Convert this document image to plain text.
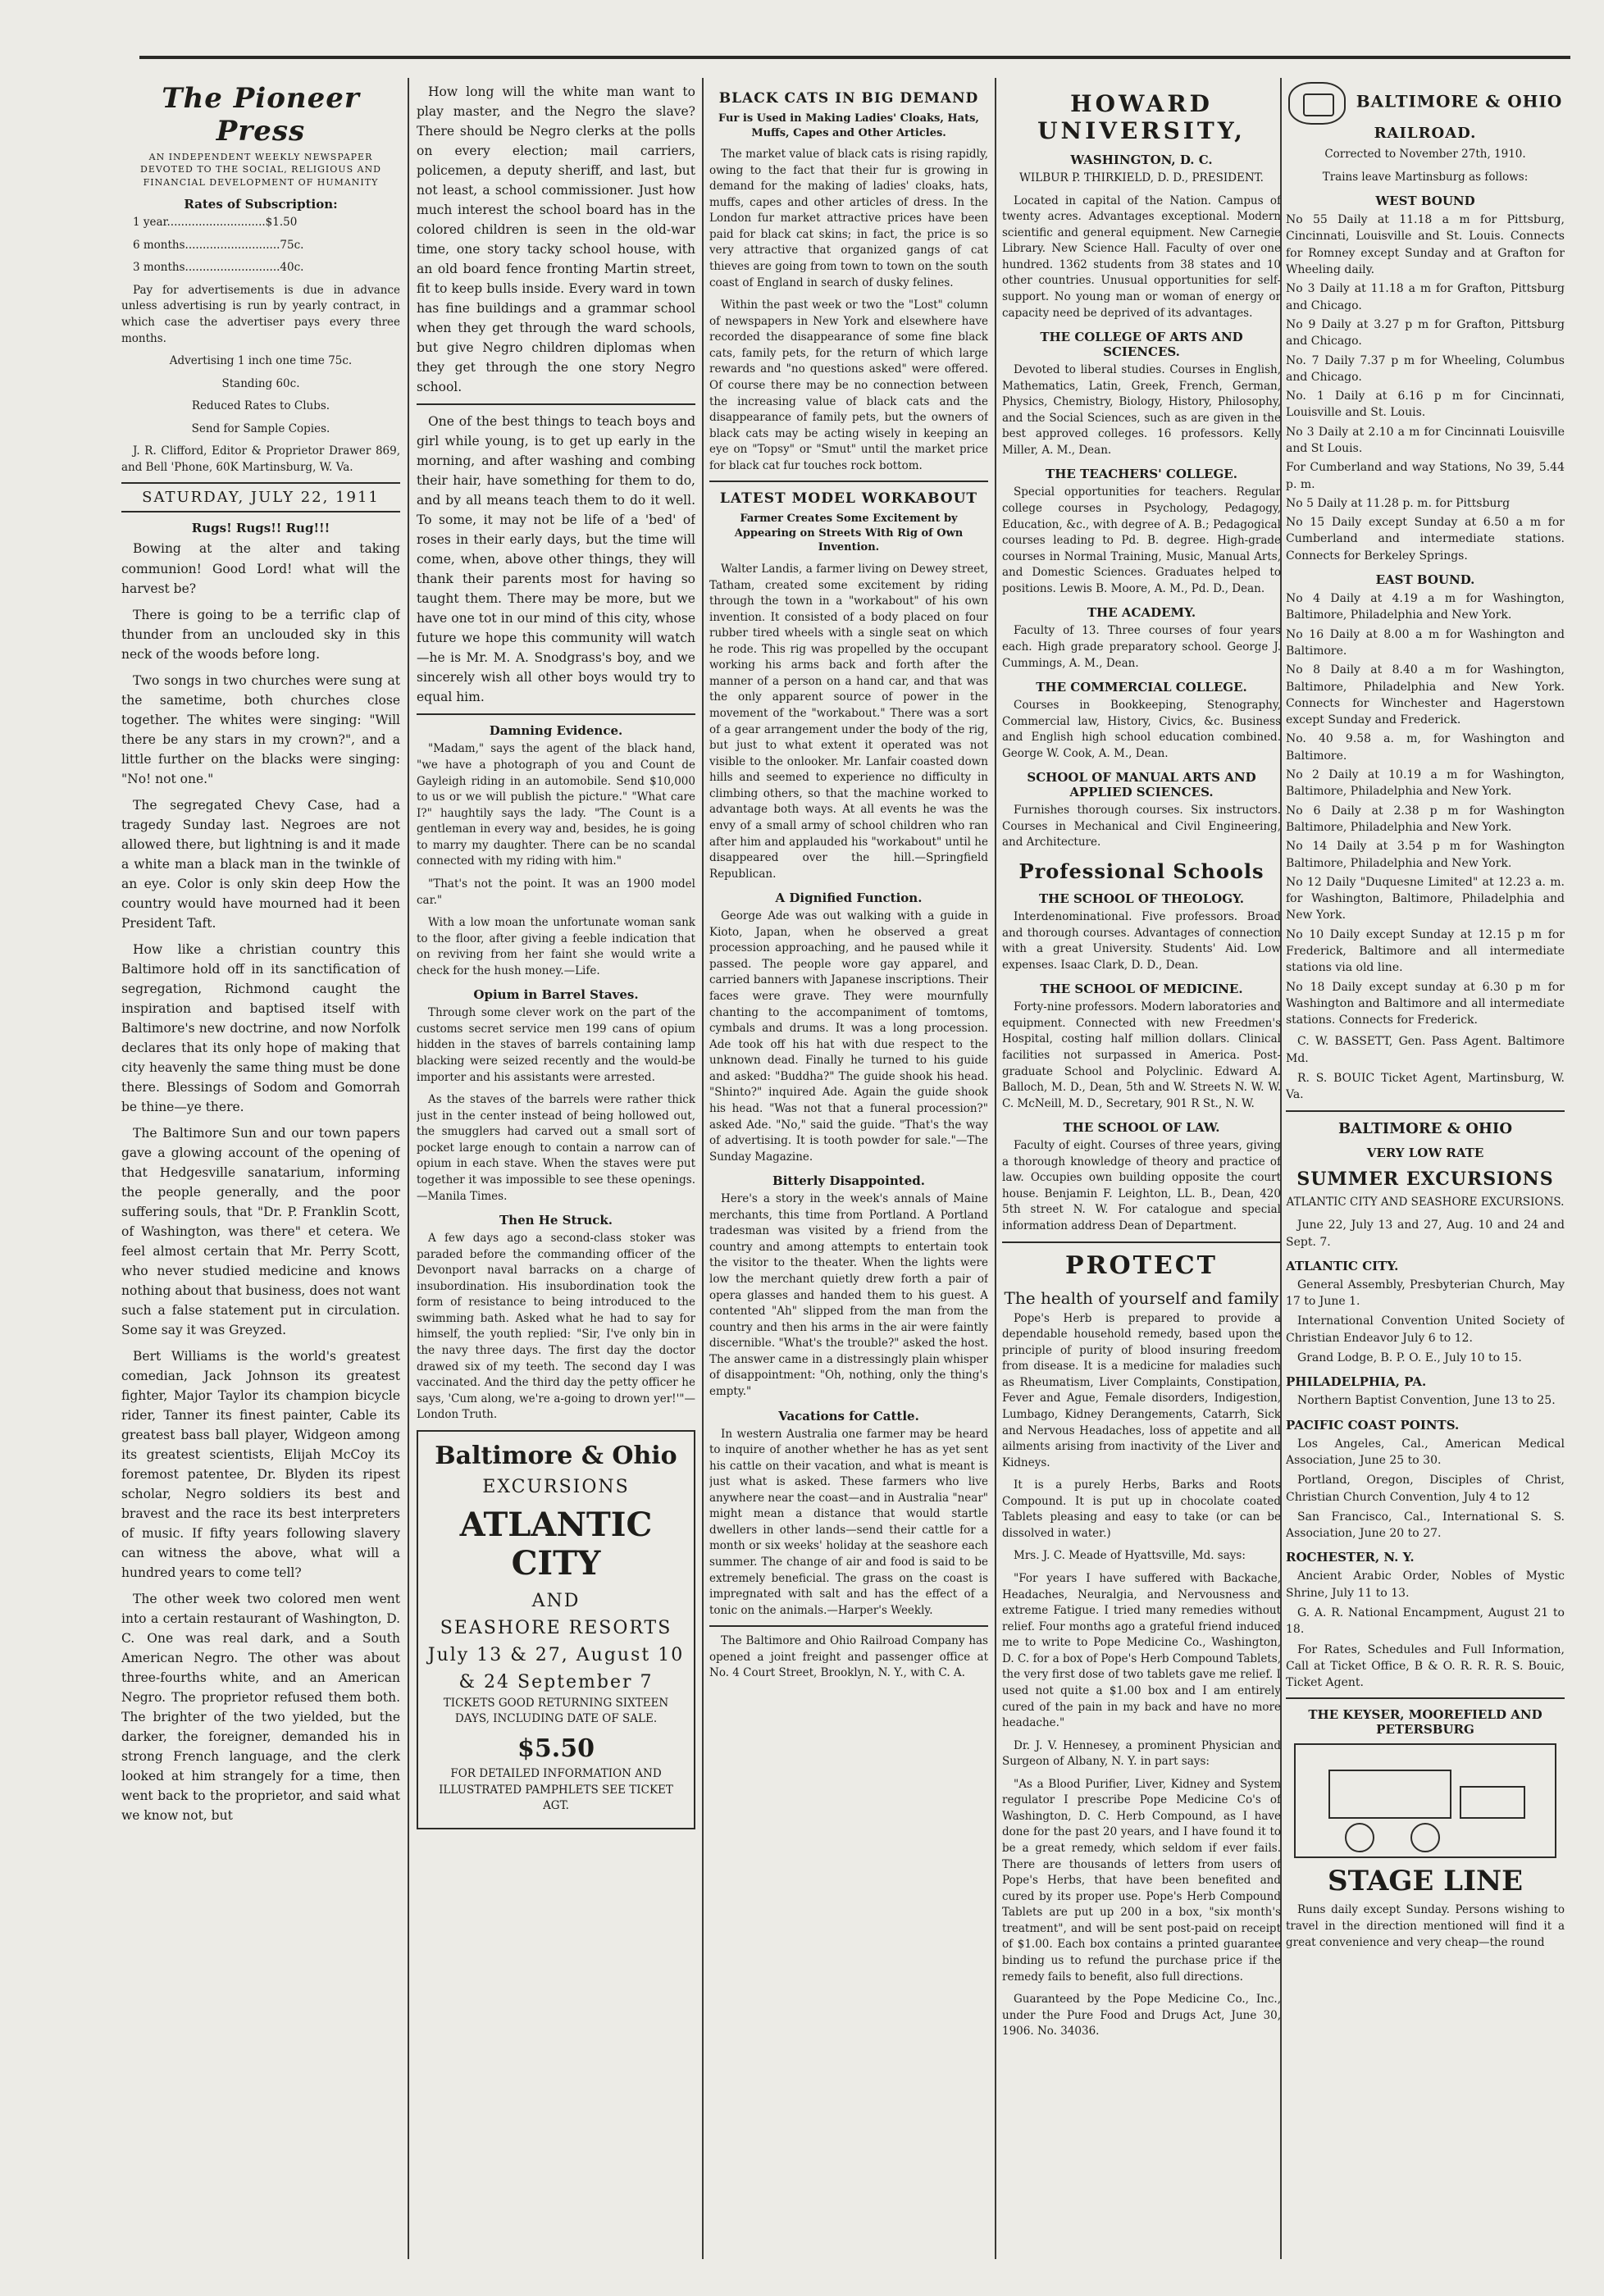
The Pioneer Press
AN INDEPENDENT WEEKLY NEWSPAPER DEVOTED TO THE SOCIAL, RELIGIOUS AND FINANCIAL DEVELOPMENT OF HUMANITY
Rates of Subscription:

1 year............................$1.50

6 months...........................75c.

3 months...........................40c.

Pay for advertisements is due in advance unless advertising is run by yearly contract, in which case the advertiser pays every three months.

Advertising 1 inch one time 75c.

Standing 60c.

Reduced Rates to Clubs.

Send for Sample Copies.

J. R. Clifford, Editor & Proprietor Drawer 869, and Bell 'Phone, 60K Martinsburg, W. Va.

SATURDAY, JULY 22, 1911
Rugs! Rugs!! Rug!!!

Bowing at the alter and taking communion! Good Lord! what will the harvest be?

There is going to be a terrific clap of thunder from an unclouded sky in this neck of the woods before long.

Two songs in two churches were sung at the sametime, both churches close together. The whites were singing: "Will there be any stars in my crown?", and a little further on the blacks were singing: "No! not one."

The segregated Chevy Case, had a tragedy Sunday last. Negroes are not allowed there, but lightning is and it made a white man a black man in the twinkle of an eye. Color is only skin deep How the country would have mourned had it been President Taft.

How like a christian country this Baltimore hold off in its sanctification of segregation, Richmond caught the inspiration and baptised itself with Baltimore's new doctrine, and now Norfolk declares that its only hope of making that city heavenly the same thing must be done there. Blessings of Sodom and Gomorrah be thine—ye there.

The Baltimore Sun and our town papers gave a glowing account of the opening of that Hedgesville sanatarium, informing the people generally, and the poor suffering souls, that "Dr. P. Franklin Scott, of Washington, was there" et cetera. We feel almost certain that Mr. Perry Scott, who never studied medicine and knows nothing about that business, does not want such a false statement put in circulation. Some say it was Greyzed.

Bert Williams is the world's greatest comedian, Jack Johnson its greatest fighter, Major Taylor its champion bicycle rider, Tanner its finest painter, Cable its greatest bass ball player, Widgeon among its greatest scientists, Elijah McCoy its foremost patentee, Dr. Blyden its ripest scholar, Negro soldiers its best and bravest and the race its best interpreters of music. If fifty years following slavery can witness the above, what will a hundred years to come tell?

The other week two colored men went into a certain restaurant of Washington, D. C. One was real dark, and a South American Negro. The other was about three-fourths white, and an American Negro. The proprietor refused them both. The brighter of the two yielded, but the darker, the foreigner, demanded his in strong French language, and the clerk looked at him strangely for a time, then went back to the proprietor, and said what we know not, but

How long will the white man want to play master, and the Negro the slave? There should be Negro clerks at the polls on every election; mail carriers, policemen, a deputy sheriff, and last, but not least, a school commissioner. Just how much interest the school board has in the colored children is seen in the old-war time, one story tacky school house, with an old board fence fronting Martin street, fit to keep bulls inside. Every ward in town has fine buildings and a grammar school when they get through the ward schools, but give Negro children diplomas when they get through the one story Negro school.

One of the best things to teach boys and girl while young, is to get up early in the morning, and after washing and combing their hair, have something for them to do, and by all means teach them to do it well. To some, it may not be life of a 'bed' of roses in their early days, but the time will come, when, above other things, they will thank their parents most for having so taught them. There may be more, but we have one tot in our mind of this city, whose future we hope this community will watch—he is Mr. M. A. Snodgrass's boy, and we sincerely wish all other boys would try to equal him.

Damning Evidence.

"Madam," says the agent of the black hand, "we have a photograph of you and Count de Gayleigh riding in an automobile. Send $10,000 to us or we will publish the picture." "What care I?" haughtily says the lady. "The Count is a gentleman in every way and, besides, he is going to marry my daughter. There can be no scandal connected with my riding with him."

"That's not the point. It was an 1900 model car."

With a low moan the unfortunate woman sank to the floor, after giving a feeble indication that on reviving from her faint she would write a check for the hush money.—Life.

Opium in Barrel Staves.

Through some clever work on the part of the customs secret service men 199 cans of opium hidden in the staves of barrels containing lamp blacking were seized recently and the would-be importer and his assistants were arrested.

As the staves of the barrels were rather thick just in the center instead of being hollowed out, the smugglers had carved out a small sort of pocket large enough to contain a narrow can of opium in each stave. When the staves were put together it was impossible to see these openings.—Manila Times.

Then He Struck.

A few days ago a second-class stoker was paraded before the commanding officer of the Devonport naval barracks on a charge of insubordination. His insubordination took the form of resistance to being introduced to the swimming bath. Asked what he had to say for himself, the youth replied: "Sir, I've only bin in the navy three days. The first day the doctor drawed six of my teeth. The second day I was vaccinated. And the third day the petty officer he says, 'Cum along, we're a-going to drown yer!'"—London Truth.

Baltimore & Ohio
EXCURSIONS
ATLANTIC CITY
AND
SEASHORE RESORTS
July 13 & 27, August 10 & 24 September 7

TICKETS GOOD RETURNING SIXTEEN DAYS, INCLUDING DATE OF SALE.

$5.50

FOR DETAILED INFORMATION AND ILLUSTRATED PAMPHLETS SEE TICKET AGT.

BLACK CATS IN BIG DEMAND
Fur is Used in Making Ladies' Cloaks, Hats, Muffs, Capes and Other Articles.

The market value of black cats is rising rapidly, owing to the fact that their fur is growing in demand for the making of ladies' cloaks, hats, muffs, capes and other articles of dress. In the London fur market attractive prices have been paid for black cat skins; in fact, the price is so very attractive that organized gangs of cat thieves are going from town to town on the south coast of England in search of dusky felines.

Within the past week or two the "Lost" column of newspapers in New York and elsewhere have recorded the disappearance of some fine black cats, family pets, for the return of which large rewards and "no questions asked" were offered. Of course there may be no connection between the increasing value of black cats and the disappearance of family pets, but the owners of black cats may be acting wisely in keeping an eye on "Topsy" or "Smut" until the market price for black cat fur touches rock bottom.

LATEST MODEL WORKABOUT
Farmer Creates Some Excitement by Appearing on Streets With Rig of Own Invention.

Walter Landis, a farmer living on Dewey street, Tatham, created some excitement by riding through the town in a "workabout" of his own invention. It consisted of a body placed on four rubber tired wheels with a single seat on which he rode. This rig was propelled by the occupant working his arms back and forth after the manner of a person on a hand car, and that was the only apparent source of power in the movement of the "workabout." There was a sort of a gear arrangement under the body of the rig, but just to what extent it operated was not visible to the onlooker. Mr. Lanfair coasted down hills and seemed to experience no difficulty in climbing others, so that the machine worked to advantage both ways. At all events he was the envy of a small army of school children who ran after him and applauded his "workabout" until he disappeared over the hill.—Springfield Republican.

A Dignified Function.

George Ade was out walking with a guide in Kioto, Japan, when he observed a great procession approaching, and he paused while it passed. The people wore gay apparel, and carried banners with Japanese inscriptions. Their faces were grave. They were mournfully chanting to the accompaniment of tomtoms, cymbals and drums. It was a long procession. Ade took off his hat with due respect to the unknown dead. Finally he turned to his guide and asked: "Buddha?" The guide shook his head. "Shinto?" inquired Ade. Again the guide shook his head. "Was not that a funeral procession?" asked Ade. "No," said the guide. "That's the way of advertising. It is tooth powder for sale."—The Sunday Magazine.

Bitterly Disappointed.

Here's a story in the week's annals of Maine merchants, this time from Portland. A Portland tradesman was visited by a friend from the country and among attempts to entertain took the visitor to the theater. When the lights were low the merchant quietly drew forth a pair of opera glasses and handed them to his guest. A contented "Ah" slipped from the man from the country and then his arms in the air were faintly discernible. "What's the trouble?" asked the host. The answer came in a distressingly plain whisper of disappointment: "Oh, nothing, only the thing's empty."

Vacations for Cattle.

In western Australia one farmer may be heard to inquire of another whether he has as yet sent his cattle on their vacation, and what is meant is just what is asked. These farmers who live anywhere near the coast—and in Australia "near" might mean a distance that would startle dwellers in other lands—send their cattle for a month or six weeks' holiday at the seashore each summer. The change of air and food is said to be extremely beneficial. The grass on the coast is impregnated with salt and has the effect of a tonic on the animals.—Harper's Weekly.

The Baltimore and Ohio Railroad Company has opened a joint freight and passenger office at No. 4 Court Street, Brooklyn, N. Y., with C. A.

HOWARD UNIVERSITY,
WASHINGTON, D. C.

WILBUR P. THIRKIELD, D. D., PRESIDENT.

Located in capital of the Nation. Campus of twenty acres. Advantages exceptional. Modern scientific and general equipment. New Carnegie Library. New Science Hall. Faculty of over one hundred. 1362 students from 38 states and 10 other countries. Unusual opportunities for self-support. No young man or woman of energy or capacity need be deprived of its advantages.

THE COLLEGE OF ARTS AND SCIENCES.

Devoted to liberal studies. Courses in English, Mathematics, Latin, Greek, French, German, Physics, Chemistry, Biology, History, Philosophy, and the Social Sciences, such as are given in the best approved colleges. 16 professors. Kelly Miller, A. M., Dean.

THE TEACHERS' COLLEGE.

Special opportunities for teachers. Regular college courses in Psychology, Pedagogy, Education, &c., with degree of A. B.; Pedagogical courses leading to Pd. B. degree. High-grade courses in Normal Training, Music, Manual Arts, and Domestic Sciences. Graduates helped to positions. Lewis B. Moore, A. M., Pd. D., Dean.

THE ACADEMY.

Faculty of 13. Three courses of four years each. High grade preparatory school. George J. Cummings, A. M., Dean.

THE COMMERCIAL COLLEGE.

Courses in Bookkeeping, Stenography, Commercial law, History, Civics, &c. Business and English high school education combined. George W. Cook, A. M., Dean.

SCHOOL OF MANUAL ARTS AND APPLIED SCIENCES.

Furnishes thorough courses. Six instructors. Courses in Mechanical and Civil Engineering, and Architecture.

Professional Schools
THE SCHOOL OF THEOLOGY.

Interdenominational. Five professors. Broad and thorough courses. Advantages of connection with a great University. Students' Aid. Low expenses. Isaac Clark, D. D., Dean.

THE SCHOOL OF MEDICINE.

Forty-nine professors. Modern laboratories and equipment. Connected with new Freedmen's Hospital, costing half million dollars. Clinical facilities not surpassed in America. Post-graduate School and Polyclinic. Edward A. Balloch, M. D., Dean, 5th and W. Streets N. W. W. C. McNeill, M. D., Secretary, 901 R St., N. W.

THE SCHOOL OF LAW.

Faculty of eight. Courses of three years, giving a thorough knowledge of theory and practice of law. Occupies own building opposite the court house. Benjamin F. Leighton, LL. B., Dean, 420 5th street N. W. For catalogue and special information address Dean of Department.

PROTECT
The health of yourself and family

Pope's Herb is prepared to provide a dependable household remedy, based upon the principle of purity of blood insuring freedom from disease. It is a medicine for maladies such as Rheumatism, Liver Complaints, Constipation, Fever and Ague, Female disorders, Indigestion, Lumbago, Kidney Derangements, Catarrh, Sick and Nervous Headaches, loss of appetite and all ailments arising from inactivity of the Liver and Kidneys.

It is a purely Herbs, Barks and Roots Compound. It is put up in chocolate coated Tablets pleasing and easy to take (or can be dissolved in water.)

Mrs. J. C. Meade of Hyattsville, Md. says:

"For years I have suffered with Backache, Headaches, Neuralgia, and Nervousness and extreme Fatigue. I tried many remedies without relief. Four months ago a grateful friend induced me to write to Pope Medicine Co., Washington, D. C. for a box of Pope's Herb Compound Tablets, the very first dose of two tablets gave me relief. I used not quite a $1.00 box and I am entirely cured of the pain in my back and have no more headache."

Dr. J. V. Hennesey, a prominent Physician and Surgeon of Albany, N. Y. in part says:

"As a Blood Purifier, Liver, Kidney and System regulator I prescribe Pope Medicine Co's of Washington, D. C. Herb Compound, as I have done for the past 20 years, and I have found it to be a great remedy, which seldom if ever fails. There are thousands of letters from users of Pope's Herbs, that have been benefited and cured by its proper use. Pope's Herb Compound Tablets are put up 200 in a box, "six month's treatment", and will be sent post-paid on receipt of $1.00. Each box contains a printed guarantee binding us to refund the purchase price if the remedy fails to benefit, also full directions.

Guaranteed by the Pope Medicine Co., Inc., under the Pure Food and Drugs Act, June 30, 1906. No. 34036.

BALTIMORE & OHIO
RAILROAD.

Corrected to November 27th, 1910.

Trains leave Martinsburg as follows:

WEST BOUND

No 55 Daily at 11.18 a m for Pittsburg, Cincinnati, Louisville and St. Louis. Connects for Romney except Sunday and at Grafton for Wheeling daily.

No 3 Daily at 11.18 a m for Grafton, Pittsburg and Chicago.

No 9 Daily at 3.27 p m for Grafton, Pittsburg and Chicago.

No. 7 Daily 7.37 p m for Wheeling, Columbus and Chicago.

No. 1 Daily at 6.16 p m for Cincinnati, Louisville and St. Louis.

No 3 Daily at 2.10 a m for Cincinnati Louisville and St Louis.

For Cumberland and way Stations, No 39, 5.44 p. m.

No 5 Daily at 11.28 p. m. for Pittsburg

No 15 Daily except Sunday at 6.50 a m for Cumberland and intermediate stations. Connects for Berkeley Springs.

EAST BOUND.

No 4 Daily at 4.19 a m for Washington, Baltimore, Philadelphia and New York.

No 16 Daily at 8.00 a m for Washington and Baltimore.

No 8 Daily at 8.40 a m for Washington, Baltimore, Philadelphia and New York. Connects for Winchester and Hagerstown except Sunday and Frederick.

No. 40 9.58 a. m, for Washington and Baltimore.

No 2 Daily at 10.19 a m for Washington, Baltimore, Philadelphia and New York.

No 6 Daily at 2.38 p m for Washington Baltimore, Philadelphia and New York.

No 14 Daily at 3.54 p m for Washington Baltimore, Philadelphia and New York.

No 12 Daily "Duquesne Limited" at 12.23 a. m. for Washington, Baltimore, Philadelphia and New York.

No 10 Daily except Sunday at 12.15 p m for Frederick, Baltimore and all intermediate stations via old line.

No 18 Daily except sunday at 6.30 p m for Washington and Baltimore and all intermediate stations. Connects for Frederick.

C. W. BASSETT, Gen. Pass Agent. Baltimore Md.

R. S. BOUIC Ticket Agent, Martinsburg, W. Va.

BALTIMORE & OHIO
VERY LOW RATE
SUMMER EXCURSIONS

ATLANTIC CITY AND SEASHORE EXCURSIONS.

June 22, July 13 and 27, Aug. 10 and 24 and Sept. 7.

ATLANTIC CITY.

General Assembly, Presbyterian Church, May 17 to June 1.

International Convention United Society of Christian Endeavor July 6 to 12.

Grand Lodge, B. P. O. E., July 10 to 15.

PHILADELPHIA, PA.

Northern Baptist Convention, June 13 to 25.

PACIFIC COAST POINTS.

Los Angeles, Cal., American Medical Association, June 25 to 30.

Portland, Oregon, Disciples of Christ, Christian Church Convention, July 4 to 12

San Francisco, Cal., International S. S. Association, June 20 to 27.

ROCHESTER, N. Y.

Ancient Arabic Order, Nobles of Mystic Shrine, July 11 to 13.

G. A. R. National Encampment, August 21 to 18.

For Rates, Schedules and Full Information, Call at Ticket Office, B & O. R. R. R. S. Bouic, Ticket Agent.

THE KEYSER, MOOREFIELD AND PETERSBURG
STAGE LINE

Runs daily except Sunday. Persons wishing to travel in the direction mentioned will find it a great convenience and very cheap—the round
